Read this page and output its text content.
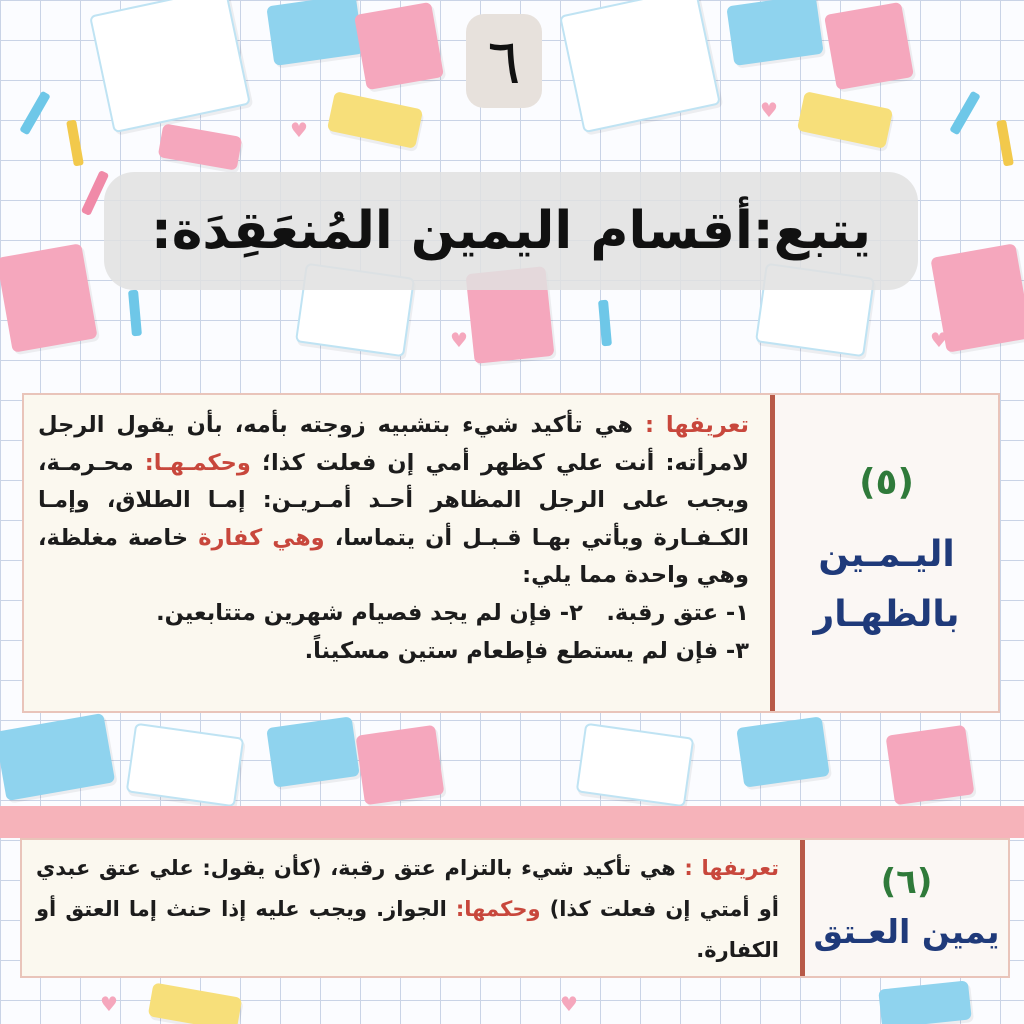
♥
♥
♥	♥
♥	♥
٦
يتبع:أقسام اليمين المُنعَقِدَة:
(٥)
اليـمـين
بالظهـار

تعريفها : هي تأكيد شيء بتشبيه زوجته بأمه، بأن يقول الرجل لامرأته: أنت علي كظهر أمي إن فعلت كذا؛ وحكمـهـا: محـرمـة، ويجب على الرجل المظاهر أحـد أمـريـن: إمـا الطلاق، وإمـا الكـفـارة ويأتي بهـا قـبـل أن يتماسا، وهي كفارة خاصة مغلظة، وهي واحدة مما يلي:

١- عتق رقبة.   ٢- فإن لم يجد فصيام شهرين متتابعين.

٣- فإن لم يستطع فإطعام ستين مسكيناً.

(٦)
يمين العـتق

تعريفها : هي تأكيد شيء بالتزام عتق رقبة، (كأن يقول: علي عتق عبدي أو أمتي إن فعلت كذا) وحكمها: الجواز. ويجب عليه إذا حنث إما العتق أو الكفارة.
